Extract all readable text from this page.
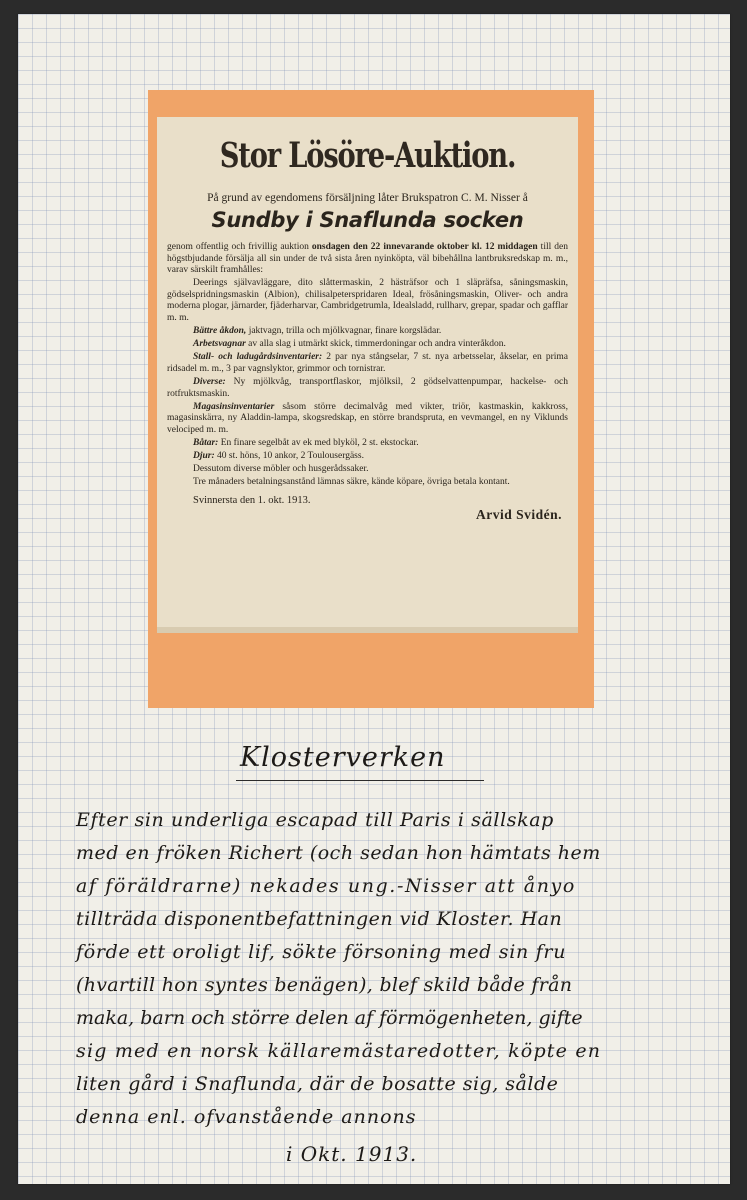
Stor Lösöre-Auktion.
På grund av egendomens försäljning låter Brukspatron C. M. Nisser å
Sundby i Snaflunda socken

genom offentlig och frivillig auktion onsdagen den 22 innevarande oktober kl. 12 middagen till den högstbjudande försälja all sin under de två sista åren nyinköpta, väl bibehållna lantbruksredskap m. m., varav särskilt framhålles:

Deerings självavläggare, dito slåttermaskin, 2 hästräfsor och 1 släpräfsa, såningsmaskin, gödselspridningsmaskin (Albion), chilisalpeterspridaren Ideal, frösåningsmaskin, Oliver- och andra moderna plogar, järnarder, fjäderharvar, Cambridgetrumla, Idealsladd, rullharv, grepar, spadar och gafflar m. m.

Bättre åkdon, jaktvagn, trilla och mjölkvagnar, finare korgslädar.

Arbetsvagnar av alla slag i utmärkt skick, timmerdoningar och andra vinteråkdon.

Stall- och ladugårdsinventarier: 2 par nya stångselar, 7 st. nya arbetsselar, åkselar, en prima ridsadel m. m., 3 par vagnslyktor, grimmor och tornistrar.

Diverse: Ny mjölkvåg, transportflaskor, mjölksil, 2 gödselvattenpumpar, hackelse- och rotfruktsmaskin.

Magasinsinventarier såsom större decimalvåg med vikter, triör, kastmaskin, kakkross, magasinskärra, ny Aladdin-lampa, skogsredskap, en större brandspruta, en vevmangel, en ny Viklunds velociped m. m.

Båtar: En finare segelbåt av ek med blyköl, 2 st. ekstockar.

Djur: 40 st. höns, 10 ankor, 2 Toulousergäss.

Dessutom diverse möbler och husgerådssaker.

Tre månaders betalningsanstånd lämnas säkre, kände köpare, övriga betala kontant.

Svinnersta den 1. okt. 1913.
Arvid Svidén.
Klosterverken
Efter sin underliga escapad till Paris i sällskap
med en fröken Richert (och sedan hon hämtats hem
af föräldrarne) nekades ung.-Nisser att ånyo
tillträda disponentbefattningen vid Kloster. Han
förde ett oroligt lif, sökte försoning med sin fru
(hvartill hon syntes benägen), blef skild både från
maka, barn och större delen af förmögenheten, gifte
sig med en norsk källaremästaredotter, köpte en
liten gård i Snaflunda, där de bosatte sig, sålde
denna enl. ofvanstående annons
i Okt. 1913.
